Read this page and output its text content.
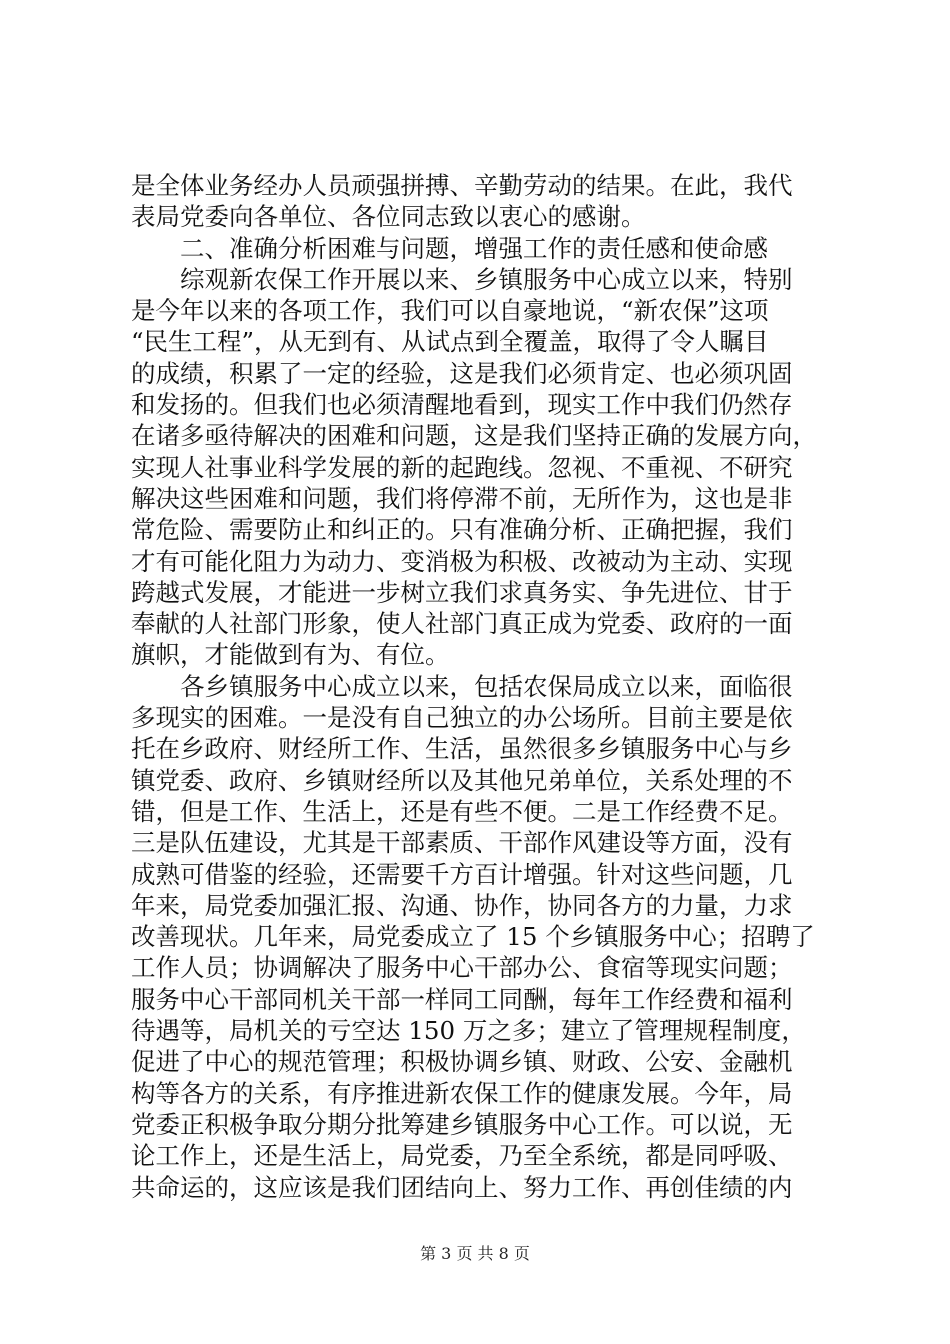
是全体业务经办人员顽强拼搏、辛勤劳动的结果。在此，我代
表局党委向各单位、各位同志致以衷心的感谢。
　　二、准确分析困难与问题，增强工作的责任感和使命感
　　综观新农保工作开展以来、乡镇服务中心成立以来，特别
是今年以来的各项工作，我们可以自豪地说，“新农保”这项
“民生工程”，从无到有、从试点到全覆盖，取得了令人瞩目
的成绩，积累了一定的经验，这是我们必须肯定、也必须巩固
和发扬的。但我们也必须清醒地看到，现实工作中我们仍然存
在诸多亟待解决的困难和问题，这是我们坚持正确的发展方向，
实现人社事业科学发展的新的起跑线。忽视、不重视、不研究
解决这些困难和问题，我们将停滞不前，无所作为，这也是非
常危险、需要防止和纠正的。只有准确分析、正确把握，我们
才有可能化阻力为动力、变消极为积极、改被动为主动、实现
跨越式发展，才能进一步树立我们求真务实、争先进位、甘于
奉献的人社部门形象，使人社部门真正成为党委、政府的一面
旗帜，才能做到有为、有位。
　　各乡镇服务中心成立以来，包括农保局成立以来，面临很
多现实的困难。一是没有自己独立的办公场所。目前主要是依
托在乡政府、财经所工作、生活，虽然很多乡镇服务中心与乡
镇党委、政府、乡镇财经所以及其他兄弟单位，关系处理的不
错，但是工作、生活上，还是有些不便。二是工作经费不足。
三是队伍建设，尤其是干部素质、干部作风建设等方面，没有
成熟可借鉴的经验，还需要千方百计增强。针对这些问题，几
年来，局党委加强汇报、沟通、协作，协同各方的力量，力求
改善现状。几年来，局党委成立了 15 个乡镇服务中心；招聘了
工作人员；协调解决了服务中心干部办公、食宿等现实问题；
服务中心干部同机关干部一样同工同酬，每年工作经费和福利
待遇等，局机关的亏空达 150 万之多；建立了管理规程制度，
促进了中心的规范管理；积极协调乡镇、财政、公安、金融机
构等各方的关系，有序推进新农保工作的健康发展。今年，局
党委正积极争取分期分批筹建乡镇服务中心工作。可以说，无
论工作上，还是生活上，局党委，乃至全系统，都是同呼吸、
共命运的，这应该是我们团结向上、努力工作、再创佳绩的内
第 3 页 共 8 页
